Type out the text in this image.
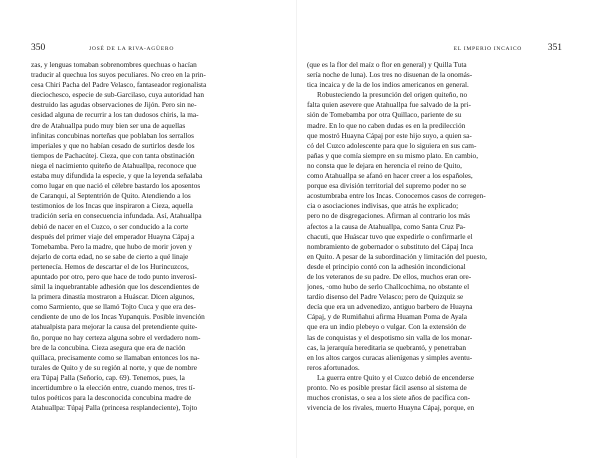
350	JOSÉ DE LA RIVA-AGÜERO
zas, y lenguas tomaban sobrenombres quechuas o hacían
traducir al quechua los suyos peculiares. No creo en la prin-
cesa Chiri Pacha del Padre Velasco, fantaseador regionalista
dieciochesco, especie de sub-Garcilaso, cuya autoridad han
destruido las agudas observaciones de Jijón. Pero sin ne-
cesidad alguna de recurrir a los tan dudosos chiris, la ma-
dre de Atahuallpa pudo muy bien ser una de aquellas
infinitas concubinas norteñas que poblaban los serrallos
imperiales y que no habían cesado de surtirlos desde los
tiempos de Pachacútej. Cieza, que con tanta obstinación
niega el nacimiento quiteño de Atahuallpa, reconoce que
estaba muy difundida la especie, y que la leyenda señalaba
como lugar en que nació el célebre bastardo los aposentos
de Caranqui, al Septentrión de Quito. Atendiendo a los
testimonios de los Incas que inspiraron a Cieza, aquella
tradición sería en consecuencia infundada. Así, Atahuallpa
debió de nacer en el Cuzco, o ser conducido a la corte
después del primer viaje del emperador Huayna Cápaj a
Tomebamba. Pero la madre, que hubo de morir joven y
dejarlo de corta edad, no se sabe de cierto a qué linaje
pertenecía. Hemos de descartar el de los Hurincuzcos,
apuntado por otro, pero que hace de todo punto inverosí-
símil la inquebrantable adhesión que los descendientes de
la primera dinastía mostraron a Huáscar. Dicen algunos,
como Sarmiento, que se llamó Tojto Cuca y que era des-
cendiente de uno de los Incas Yupanquis. Posible invención
atahualpista para mejorar la causa del pretendiente quite-
ño, porque no hay certeza alguna sobre el verdadero nom-
bre de la concubina. Cieza asegura que era de nación
quillaca, precisamente como se llamaban entonces los na-
turales de Quito y de su región al norte, y que de nombre
era Túpaj Palla (Señorío, cap. 69). Tenemos, pues, la
incertidumbre o la elección entre, cuando menos, tres tí-
tulos poéticos para la desconocida concubina madre de
Atahuallpa: Túpaj Palla (princesa resplandeciente), Tojto
EL IMPERIO INCAICO	351
(que es la flor del maíz o flor en general) y Quilla Tuta
sería noche de luna). Los tres no disuenan de la onomás-
tica incaica y de la de los indios americanos en general.
Robusteciendo la presunción del origen quiteño, no
falta quien asevere que Atahuallpa fue salvado de la pri-
sión de Tomebamba por otra Quillaco, pariente de su
madre. En lo que no caben dudas es en la predilección
que mostró Huayna Cápaj por este hijo suyo, a quien sa-
có del Cuzco adolescente para que lo siguiera en sus cam-
pañas y que comía siempre en su mismo plato. En cambio,
no consta que le dejara en herencia el reino de Quito,
como Atahuallpa se afanó en hacer creer a los españoles,
porque esa división territorial del supremo poder no se
acostumbraba entre los Incas. Conocemos casos de corregen-
cia o asociaciones indivisas, que atrás he explicado;
pero no de disgregaciones. Afirman al contrario los más
afectos a la causa de Atahuallpa, como Santa Cruz Pa-
chacuti, que Huáscar tuvo que expedirle o confirmarle el
nombramiento de gobernador o substituto del Cápaj Inca
en Quito. A pesar de la subordinación y limitación del puesto,
desde el principio contó con la adhesión incondicional
de los veteranos de su padre. De ellos, muchos eran ore-
jones, ·omo hubo de serlo Challcochima, no obstante el
tardío disenso del Padre Velasco; pero de Quizquiz se
decía que era un advenedizo, antiguo barbero de Huayna
Cápaj, y de Rumiñahui afirma Huaman Poma de Ayala
que era un indio plebeyo o vulgar. Con la extensión de
las de conquistas y el despotismo sin valla de los monar-
cas, la jerarquía hereditaria se quebrantó, y penetraban
en los altos cargos curacas alienígenas y simples aventu-
reros afortunados.
La guerra entre Quito y el Cuzco debió de encenderse
pronto. No es posible prestar fácil asenso al sistema de
muchos cronistas, o sea a los siete años de pacífica con-
vivencia de los rivales, muerto Huayna Cápaj, porque, en
